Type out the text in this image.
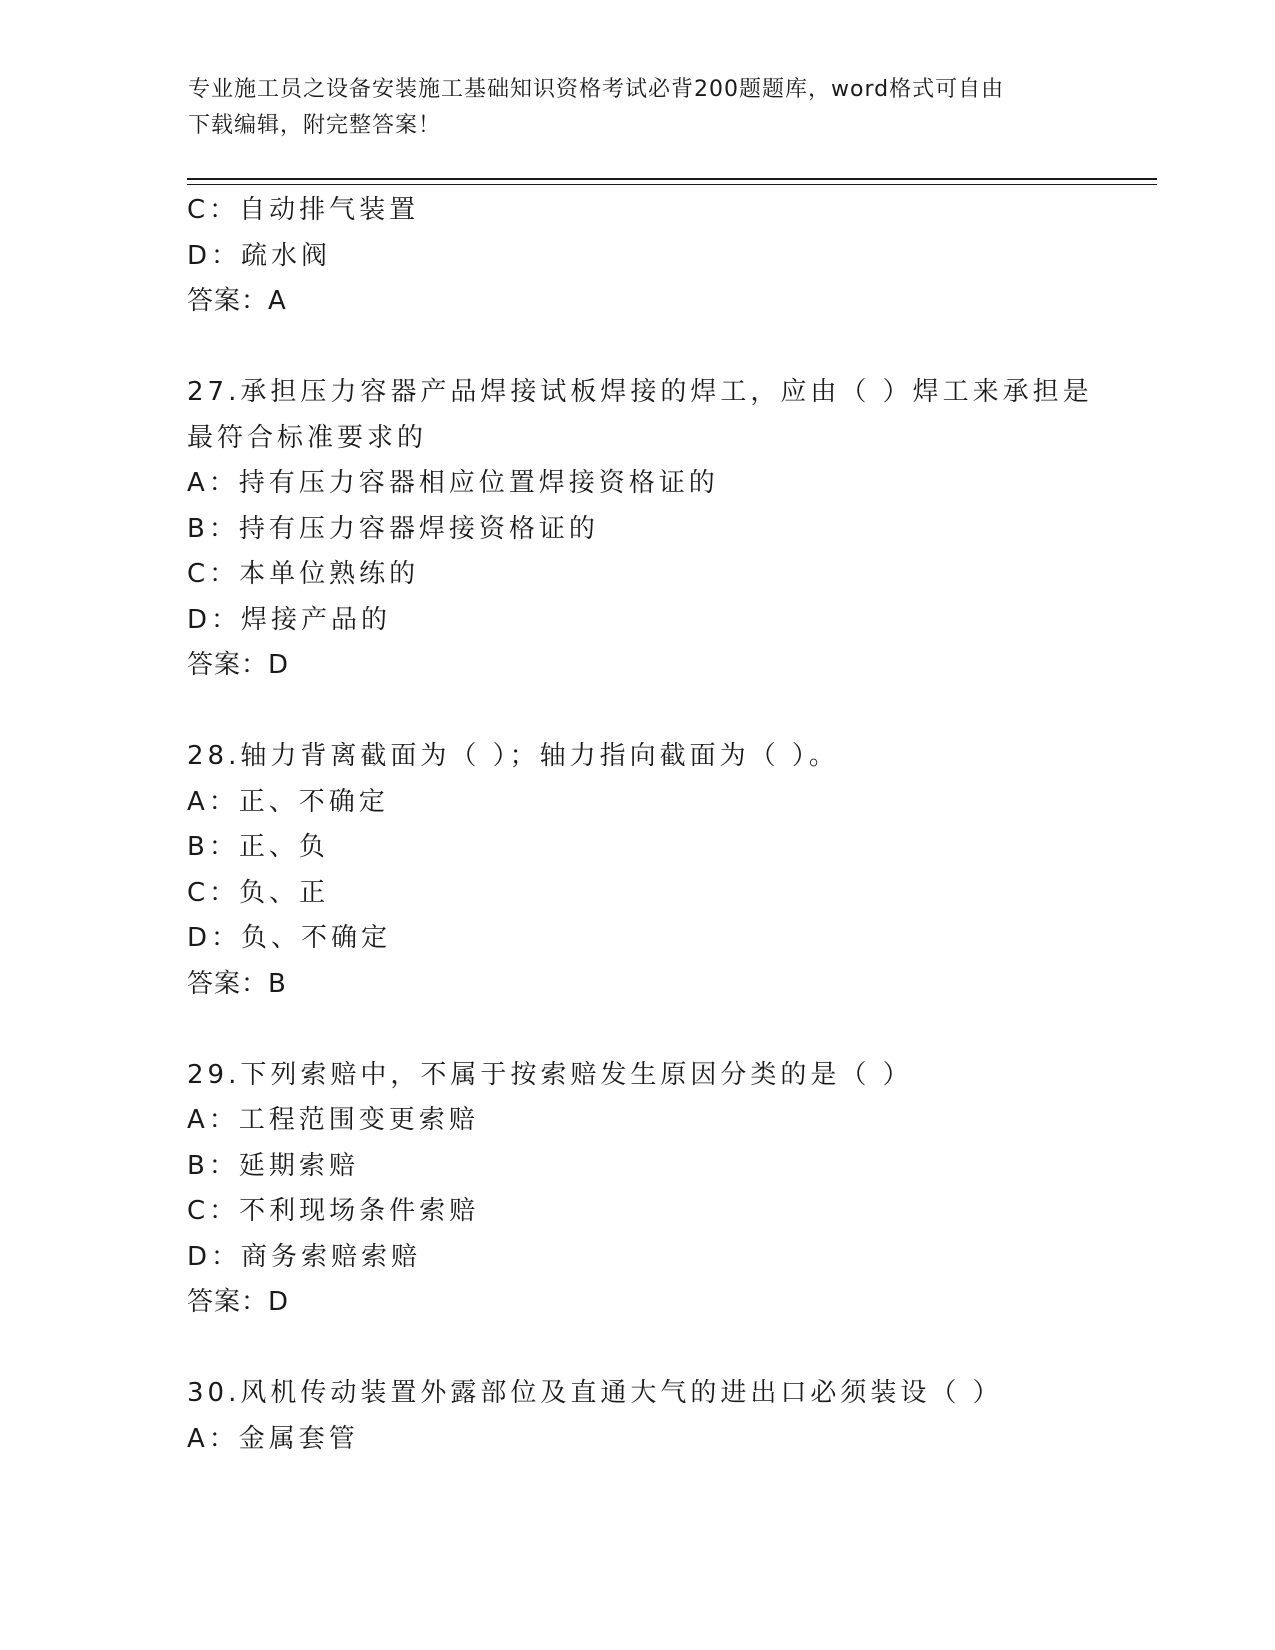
专业施工员之设备安装施工基础知识资格考试必背200题题库，word格式可自由
下载编辑，附完整答案！
C：自动排气装置
D：疏水阀
答案：A
27.承担压力容器产品焊接试板焊接的焊工，应由（ ）焊工来承担是
最符合标准要求的
A：持有压力容器相应位置焊接资格证的
B：持有压力容器焊接资格证的
C：本单位熟练的
D：焊接产品的
答案：D
28.轴力背离截面为（ ）；轴力指向截面为（ ）。
A：正、不确定
B：正、负
C：负、正
D：负、不确定
答案：B
29.下列索赔中，不属于按索赔发生原因分类的是（ ）
A：工程范围变更索赔
B：延期索赔
C：不利现场条件索赔
D：商务索赔索赔
答案：D
30.风机传动装置外露部位及直通大气的进出口必须装设（ ）
A：金属套管
